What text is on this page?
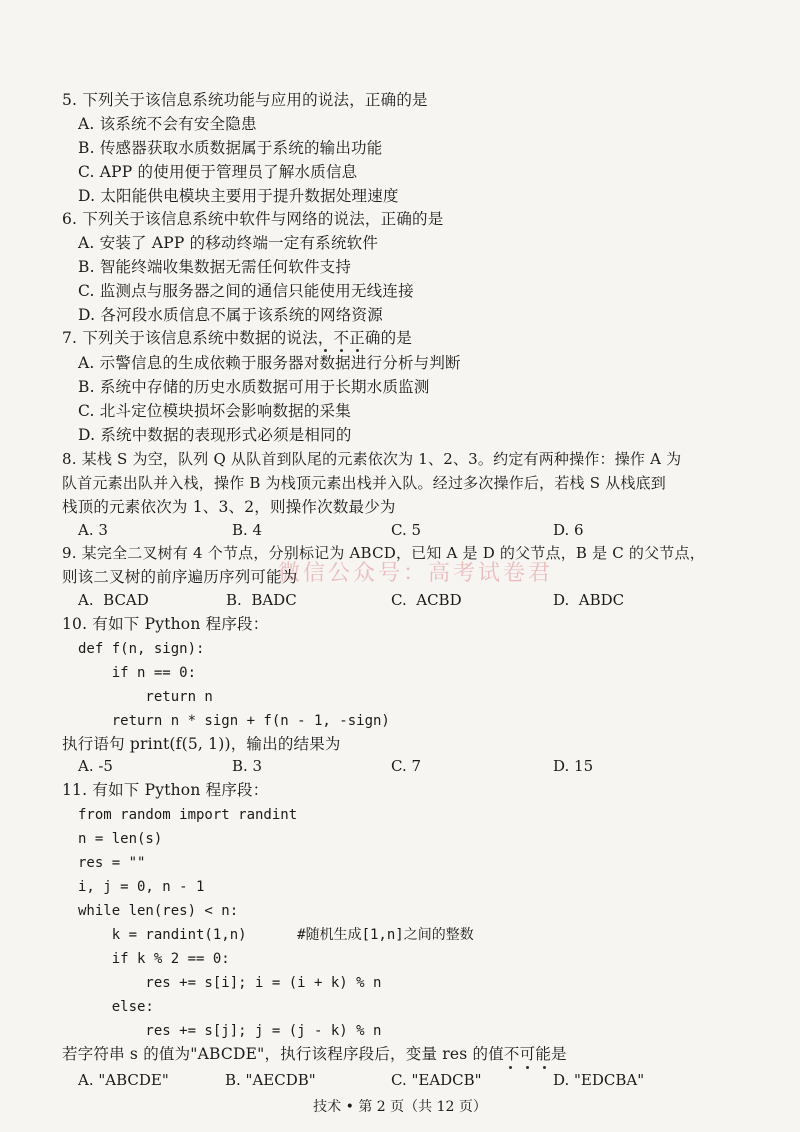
微信公众号：高考试卷君
5. 下列关于该信息系统功能与应用的说法，正确的是
A. 该系统不会有安全隐患
B. 传感器获取水质数据属于系统的输出功能
C. APP 的使用便于管理员了解水质信息
D. 太阳能供电模块主要用于提升数据处理速度
6. 下列关于该信息系统中软件与网络的说法，正确的是
A. 安装了 APP 的移动终端一定有系统软件
B. 智能终端收集数据无需任何软件支持
C. 监测点与服务器之间的通信只能使用无线连接
D. 各河段水质信息不属于该系统的网络资源
7. 下列关于该信息系统中数据的说法，不正确的是
A. 示警信息的生成依赖于服务器对数据进行分析与判断
B. 系统中存储的历史水质数据可用于长期水质监测
C. 北斗定位模块损坏会影响数据的采集
D. 系统中数据的表现形式必须是相同的
8. 某栈 S 为空，队列 Q 从队首到队尾的元素依次为 1、2、3。约定有两种操作：操作 A 为
队首元素出队并入栈，操作 B 为栈顶元素出栈并入队。经过多次操作后，若栈 S 从栈底到
栈顶的元素依次为 1、3、2，则操作次数最少为
A. 3	B. 4	C. 5	D. 6
9. 某完全二叉树有 4 个节点，分别标记为 ABCD，已知 A 是 D 的父节点，B 是 C 的父节点，
则该二叉树的前序遍历序列可能为
A.  BCAD	B.  BADC	C.  ACBD	D.  ABDC
10. 有如下 Python 程序段：
def f(n, sign):
if n == 0:
return n
return n * sign + f(n - 1, -sign)
执行语句 print(f(5, 1))，输出的结果为
A. -5	B. 3	C. 7	D. 15
11. 有如下 Python 程序段：
from random import randint
n = len(s)
res = ""
i, j = 0, n - 1
while len(res) < n:
k = randint(1,n)      #随机生成[1,n]之间的整数
if k % 2 == 0:
res += s[i]; i = (i + k) % n
else:
res += s[j]; j = (j - k) % n
若字符串 s 的值为"ABCDE"，执行该程序段后，变量 res 的值不可能是
A. "ABCDE"	B. "AECDB"	C. "EADCB"	D. "EDCBA"
技术 • 第 2 页（共 12 页）
